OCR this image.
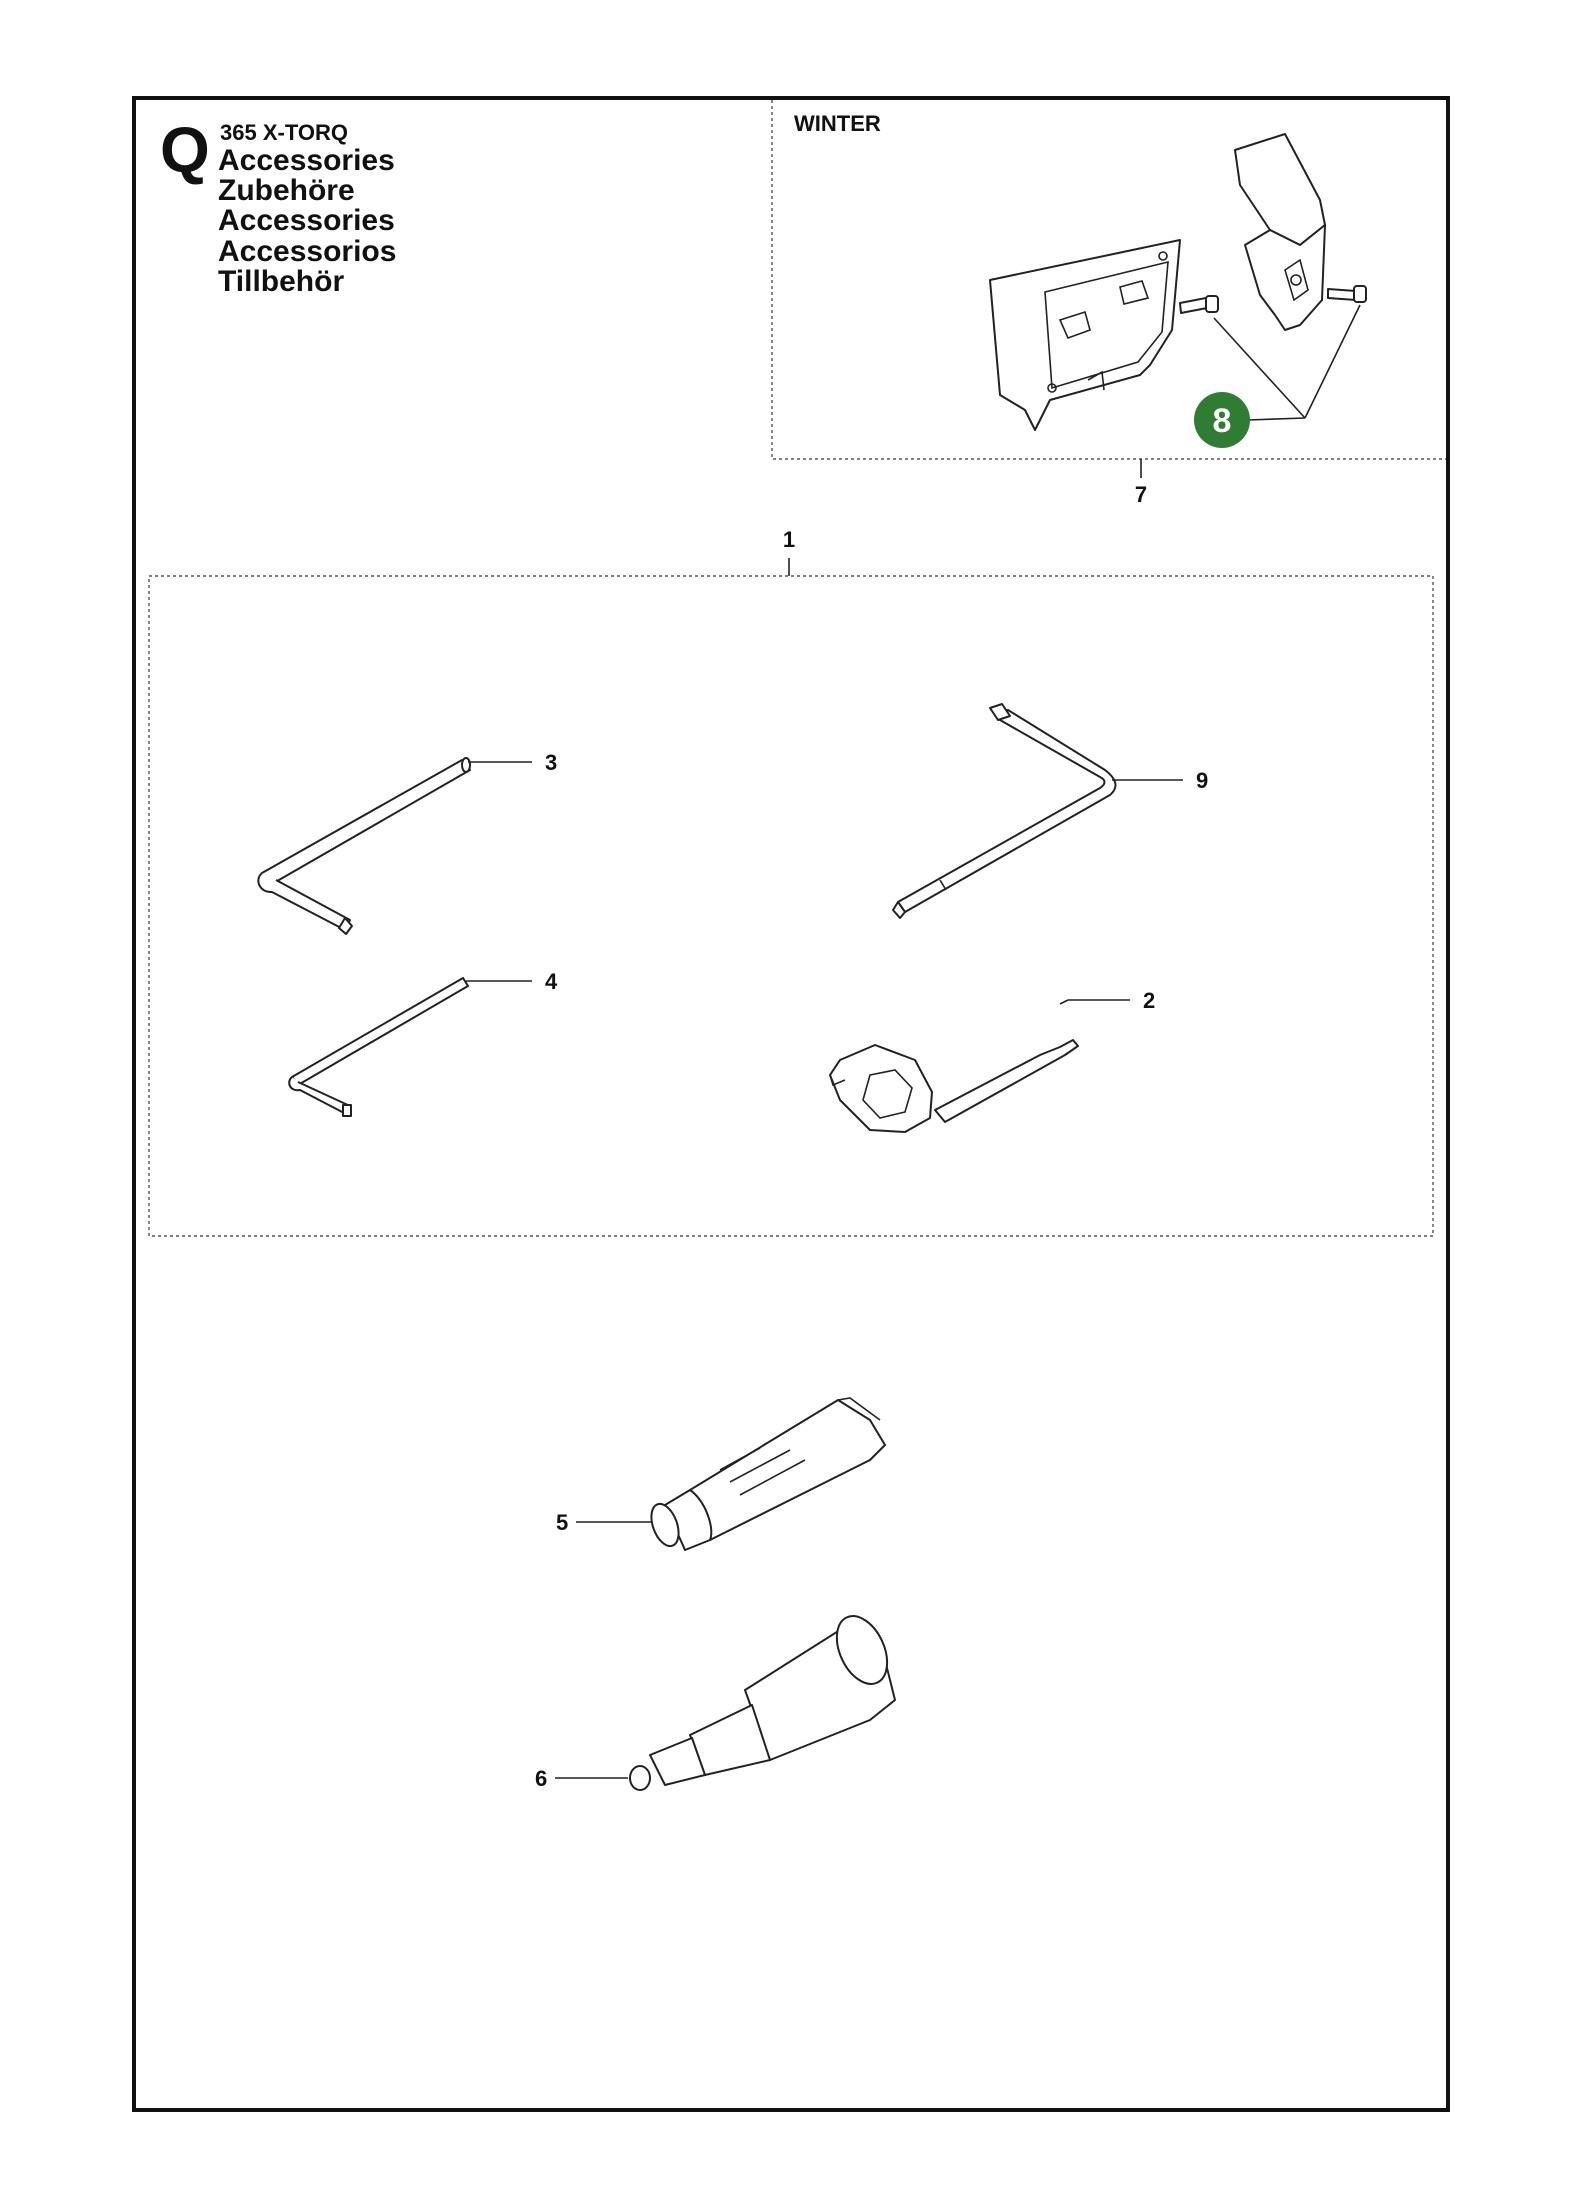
Q 365 X-TORQ
Accessories
Zubehöre
Accessories
Accessorios
Tillbehör
WINTER
8
7
1
3
4
9
2
5
6
